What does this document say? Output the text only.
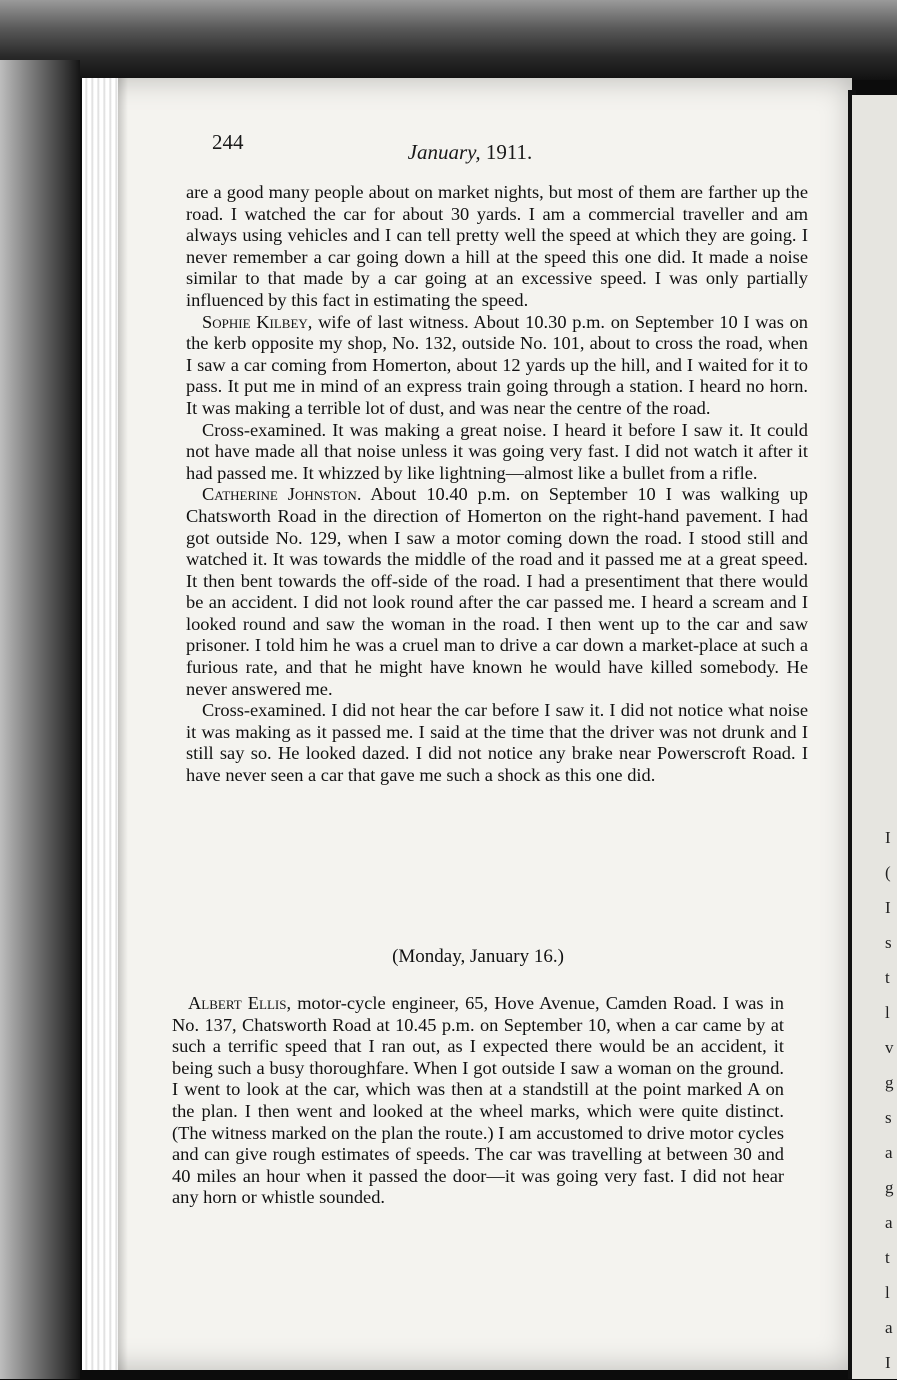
I
(
I
s
t
l
v
g
s
a
g
a
t
l
a
I
244	January, 1911.

are a good many people about on market nights, but most of them are farther up the road. I watched the car for about 30 yards. I am a commercial traveller and am always using vehicles and I can tell pretty well the speed at which they are going. I never remember a car going down a hill at the speed this one did. It made a noise similar to that made by a car going at an excessive speed. I was only partially influenced by this fact in estimating the speed.

Sophie Kilbey, wife of last witness. About 10.30 p.m. on September 10 I was on the kerb opposite my shop, No. 132, outside No. 101, about to cross the road, when I saw a car coming from Homerton, about 12 yards up the hill, and I waited for it to pass. It put me in mind of an express train going through a station. I heard no horn. It was making a terrible lot of dust, and was near the centre of the road.

Cross-examined. It was making a great noise. I heard it before I saw it. It could not have made all that noise unless it was going very fast. I did not watch it after it had passed me. It whizzed by like lightning—almost like a bullet from a rifle.

Catherine Johnston. About 10.40 p.m. on September 10 I was walking up Chatsworth Road in the direction of Homerton on the right-hand pavement. I had got outside No. 129, when I saw a motor coming down the road. I stood still and watched it. It was towards the middle of the road and it passed me at a great speed. It then bent towards the off-side of the road. I had a presentiment that there would be an accident. I did not look round after the car passed me. I heard a scream and I looked round and saw the woman in the road. I then went up to the car and saw prisoner. I told him he was a cruel man to drive a car down a market-place at such a furious rate, and that he might have known he would have killed somebody. He never answered me.

Cross-examined. I did not hear the car before I saw it. I did not notice what noise it was making as it passed me. I said at the time that the driver was not drunk and I still say so. He looked dazed. I did not notice any brake near Powerscroft Road. I have never seen a car that gave me such a shock as this one did.

(Monday, January 16.)

Albert Ellis, motor-cycle engineer, 65, Hove Avenue, Camden Road. I was in No. 137, Chatsworth Road at 10.45 p.m. on September 10, when a car came by at such a terrific speed that I ran out, as I expected there would be an accident, it being such a busy thoroughfare. When I got outside I saw a woman on the ground. I went to look at the car, which was then at a standstill at the point marked A on the plan. I then went and looked at the wheel marks, which were quite distinct. (The witness marked on the plan the route.) I am accustomed to drive motor cycles and can give rough estimates of speeds. The car was travelling at between 30 and 40 miles an hour when it passed the door—it was going very fast. I did not hear any horn or whistle sounded.
